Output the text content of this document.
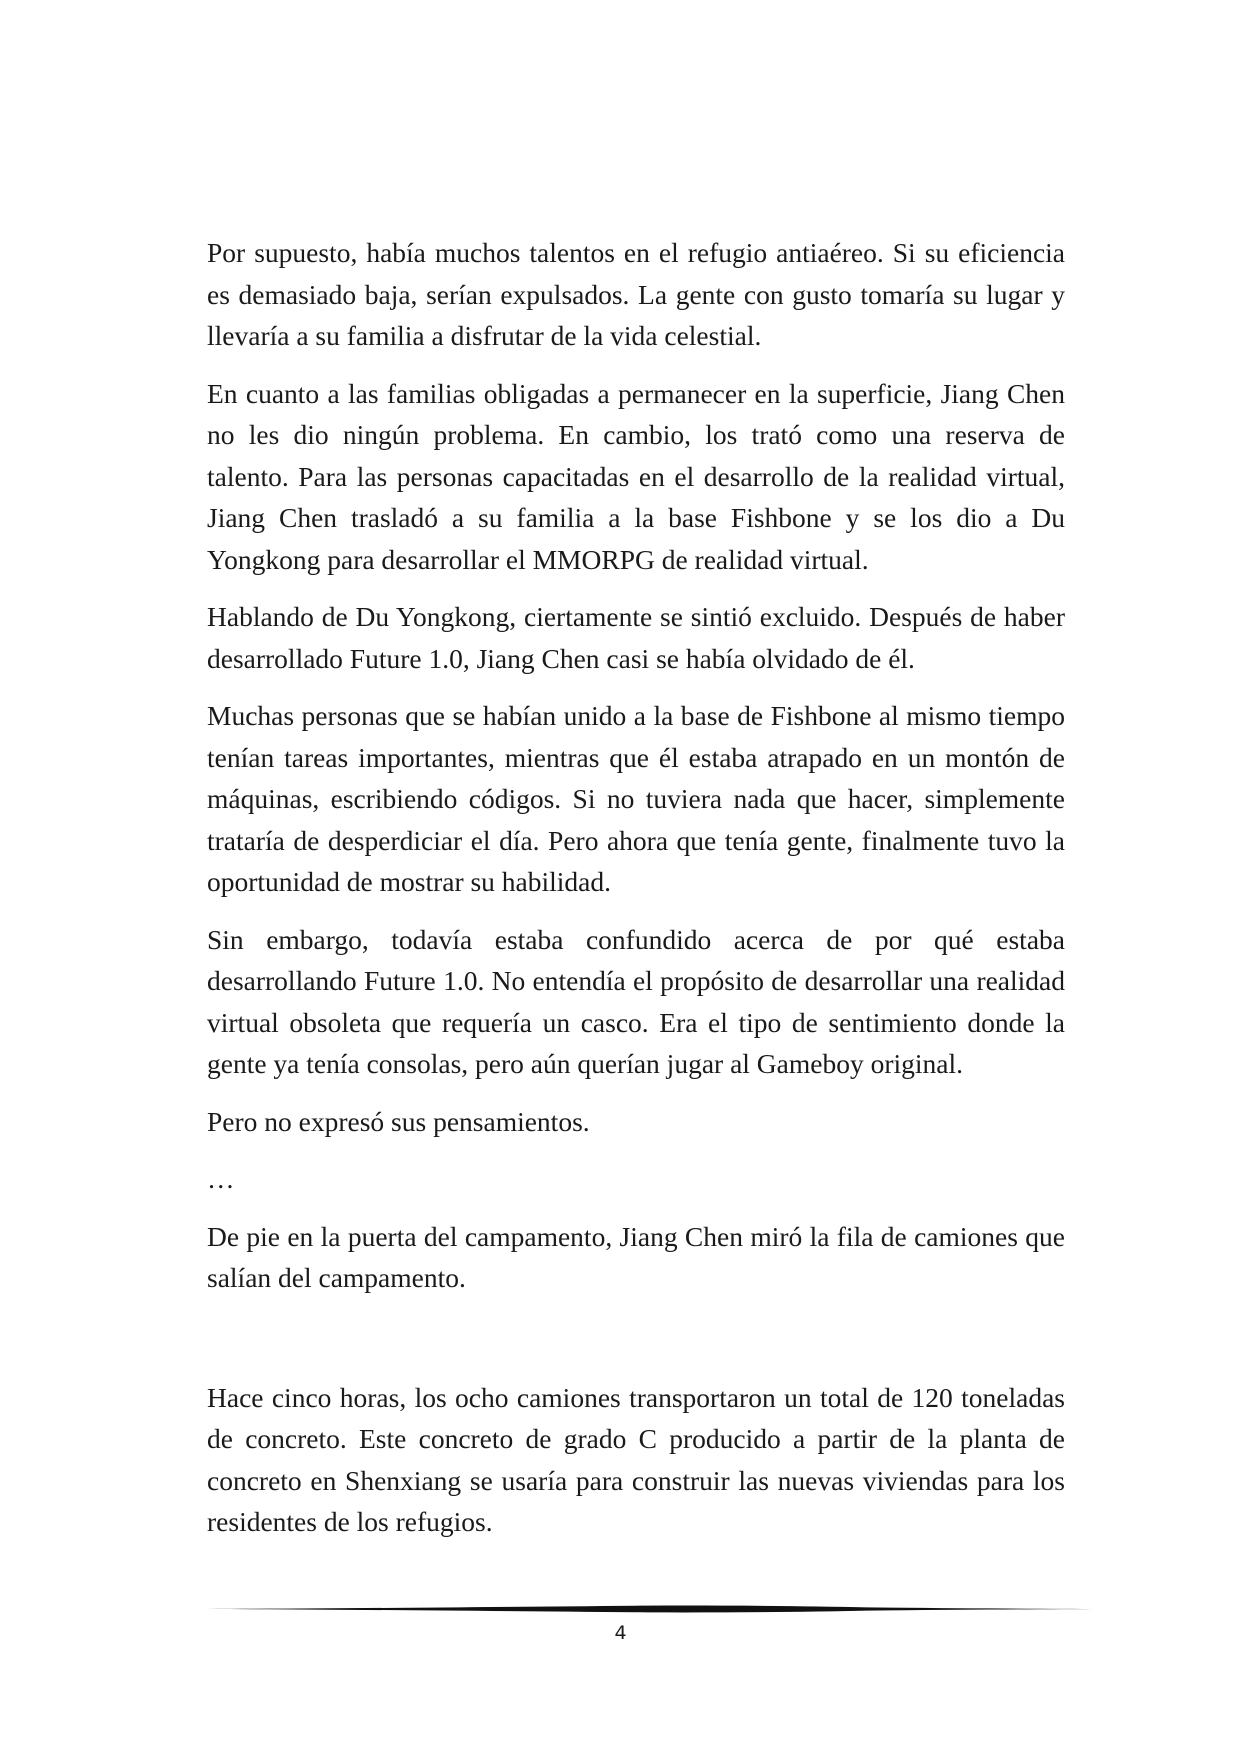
Por supuesto, había muchos talentos en el refugio antiaéreo. Si su eficiencia es demasiado baja, serían expulsados. La gente con gusto tomaría su lugar y llevaría a su familia a disfrutar de la vida celestial.

En cuanto a las familias obligadas a permanecer en la superficie, Jiang Chen no les dio ningún problema. En cambio, los trató como una reserva de talento. Para las personas capacitadas en el desarrollo de la realidad virtual, Jiang Chen trasladó a su familia a la base Fishbone y se los dio a Du Yongkong para desarrollar el MMORPG de realidad virtual.

Hablando de Du Yongkong, ciertamente se sintió excluido. Después de haber desarrollado Future 1.0, Jiang Chen casi se había olvidado de él.

Muchas personas que se habían unido a la base de Fishbone al mismo tiempo tenían tareas importantes, mientras que él estaba atrapado en un montón de máquinas, escribiendo códigos. Si no tuviera nada que hacer, simplemente trataría de desperdiciar el día. Pero ahora que tenía gente, finalmente tuvo la oportunidad de mostrar su habilidad.

Sin embargo, todavía estaba confundido acerca de por qué estaba desarrollando Future 1.0. No entendía el propósito de desarrollar una realidad virtual obsoleta que requería un casco. Era el tipo de sentimiento donde la gente ya tenía consolas, pero aún querían jugar al Gameboy original.

Pero no expresó sus pensamientos.

…

De pie en la puerta del campamento, Jiang Chen miró la fila de camiones que salían del campamento.

Hace cinco horas, los ocho camiones transportaron un total de 120 toneladas de concreto. Este concreto de grado C producido a partir de la planta de concreto en Shenxiang se usaría para construir las nuevas viviendas para los residentes de los refugios.

4
